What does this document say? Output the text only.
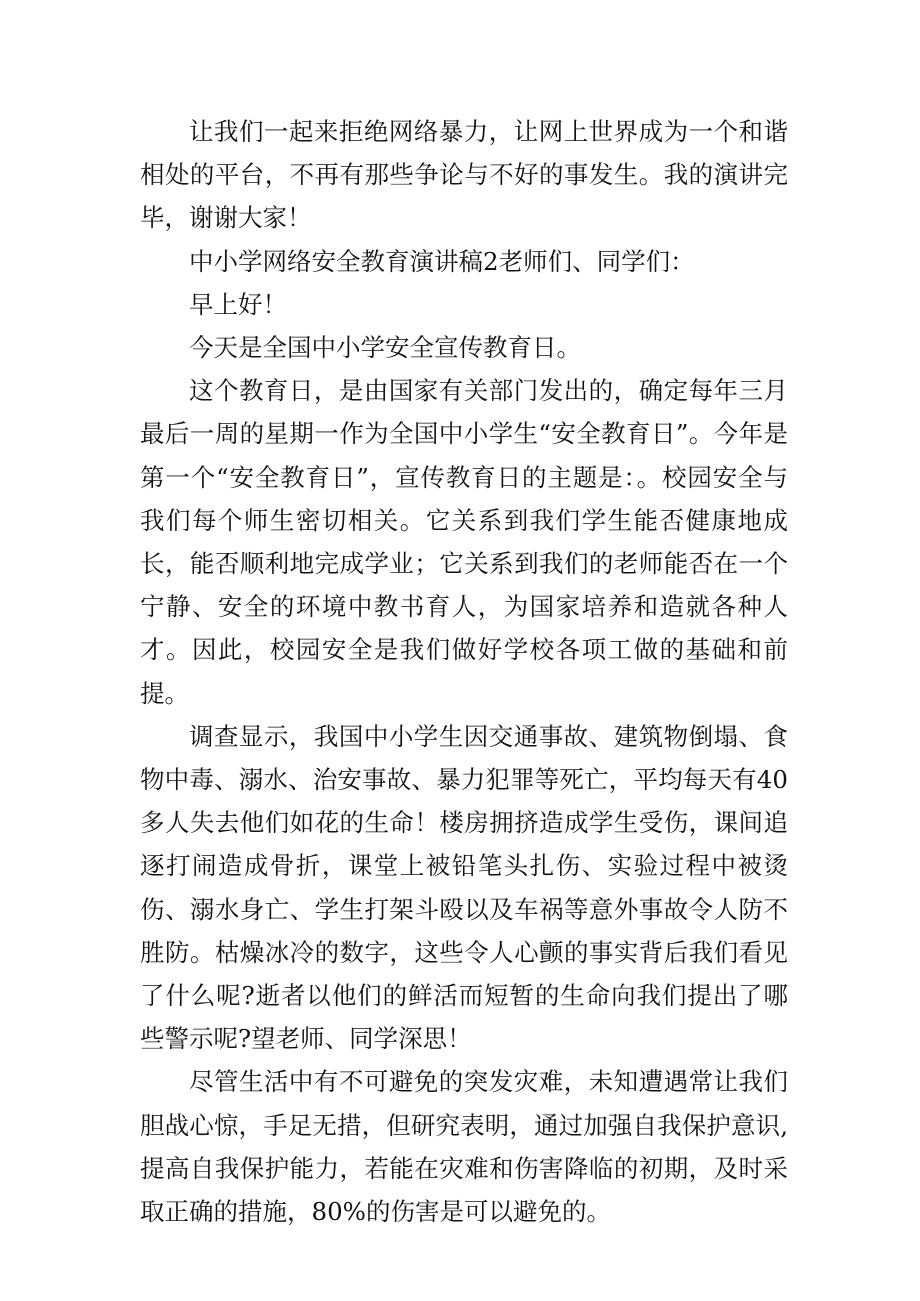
让我们一起来拒绝网络暴力，让网上世界成为一个和谐相处的平台，不再有那些争论与不好的事发生。我的演讲完毕，谢谢大家！

中小学网络安全教育演讲稿2老师们、同学们：

早上好！

今天是全国中小学安全宣传教育日。

这个教育日，是由国家有关部门发出的，确定每年三月最后一周的星期一作为全国中小学生“安全教育日”。今年是第一个“安全教育日”，宣传教育日的主题是：。校园安全与我们每个师生密切相关。它关系到我们学生能否健康地成长，能否顺利地完成学业；它关系到我们的老师能否在一个宁静、安全的环境中教书育人，为国家培养和造就各种人才。因此，校园安全是我们做好学校各项工做的基础和前提。

调查显示，我国中小学生因交通事故、建筑物倒塌、食物中毒、溺水、治安事故、暴力犯罪等死亡，平均每天有40多人失去他们如花的生命！楼房拥挤造成学生受伤，课间追逐打闹造成骨折，课堂上被铅笔头扎伤、实验过程中被烫伤、溺水身亡、学生打架斗殴以及车祸等意外事故令人防不胜防。枯燥冰冷的数字，这些令人心颤的事实背后我们看见了什么呢?逝者以他们的鲜活而短暂的生命向我们提出了哪些警示呢?望老师、同学深思！

尽管生活中有不可避免的突发灾难，未知遭遇常让我们胆战心惊，手足无措，但研究表明，通过加强自我保护意识,提高自我保护能力，若能在灾难和伤害降临的初期，及时采取正确的措施，80%的伤害是可以避免的。
